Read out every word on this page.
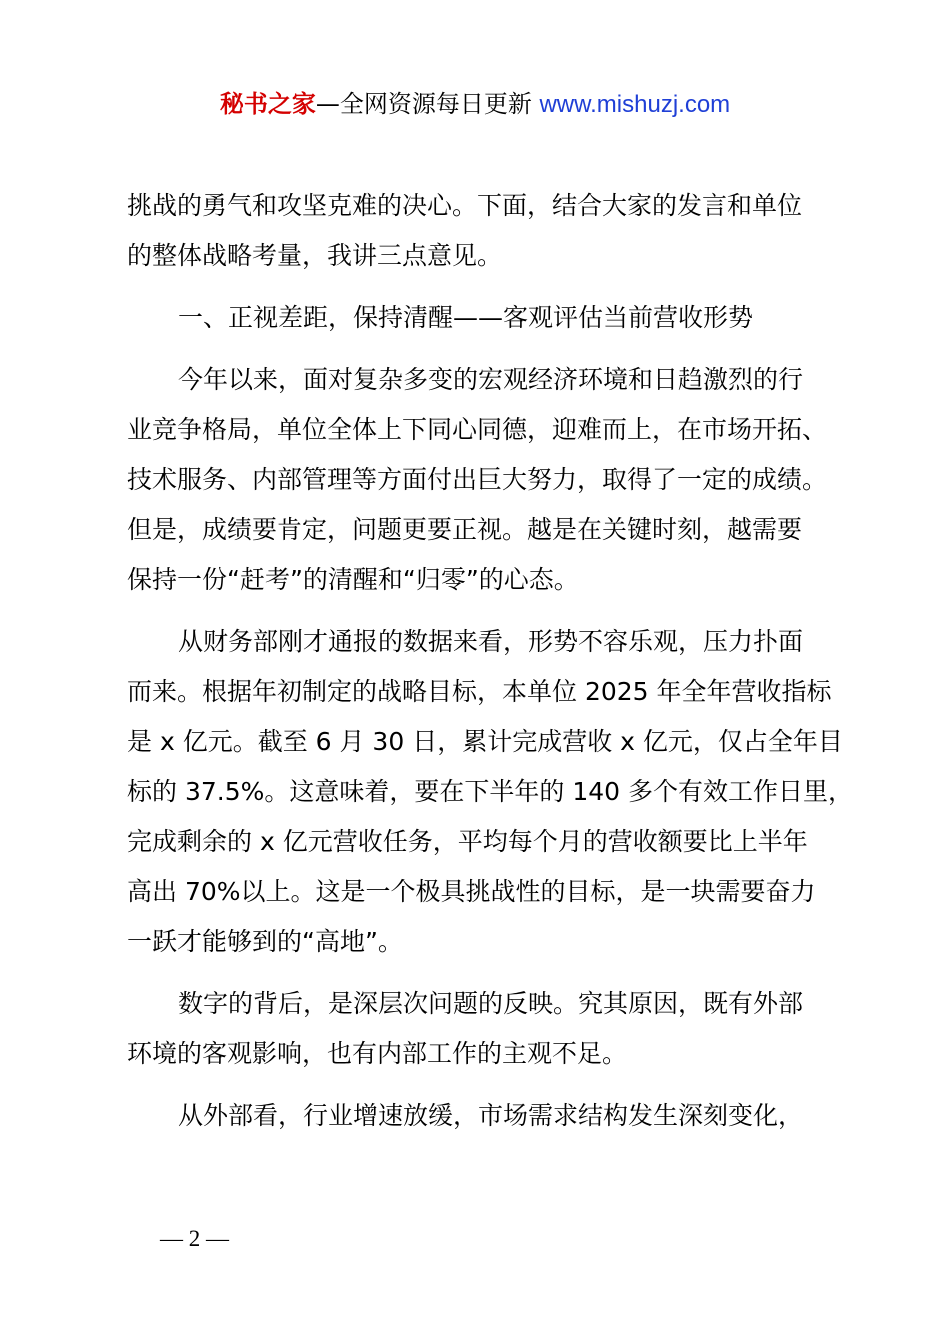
秘书之家—全网资源每日更新 www.mishuzj.com

挑战的勇气和攻坚克难的决心。下面，结合大家的发言和单位
的整体战略考量，我讲三点意见。

一、正视差距，保持清醒——客观评估当前营收形势

今年以来，面对复杂多变的宏观经济环境和日趋激烈的行
业竞争格局，单位全体上下同心同德，迎难而上，在市场开拓、
技术服务、内部管理等方面付出巨大努力，取得了一定的成绩。
但是，成绩要肯定，问题更要正视。越是在关键时刻，越需要
保持一份“赶考”的清醒和“归零”的心态。

从财务部刚才通报的数据来看，形势不容乐观，压力扑面
而来。根据年初制定的战略目标，本单位 2025 年全年营收指标
是 x 亿元。截至 6 月 30 日，累计完成营收 x 亿元，仅占全年目
标的 37.5%。这意味着，要在下半年的 140 多个有效工作日里，
完成剩余的 x 亿元营收任务，平均每个月的营收额要比上半年
高出 70%以上。这是一个极具挑战性的目标，是一块需要奋力
一跃才能够到的“高地”。

数字的背后，是深层次问题的反映。究其原因，既有外部
环境的客观影响，也有内部工作的主观不足。

从外部看，行业增速放缓，市场需求结构发生深刻变化，

— 2 —
